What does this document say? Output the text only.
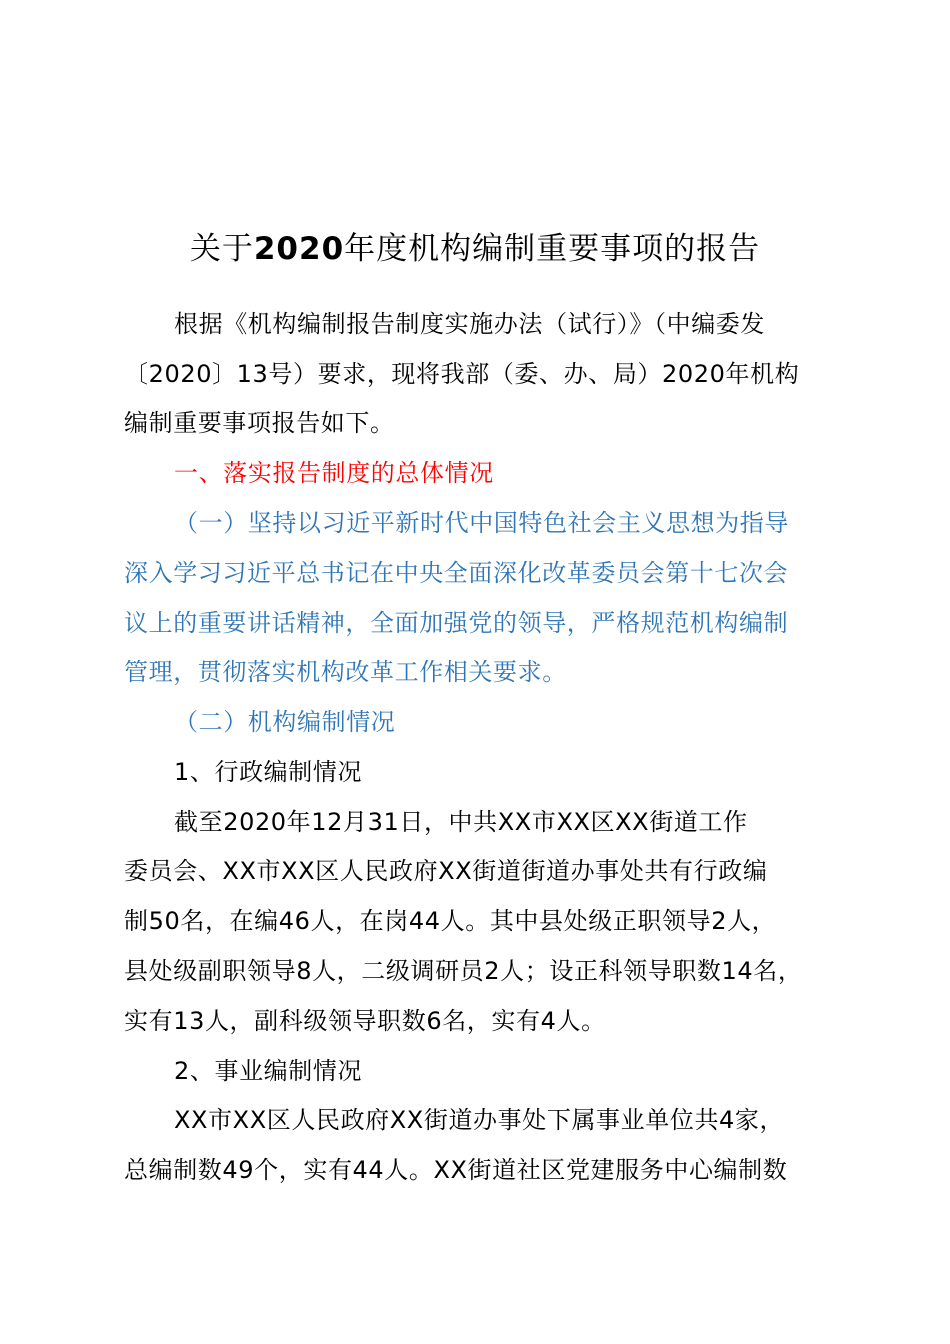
关于2020年度机构编制重要事项的报告
根据《机构编制报告制度实施办法（试行）》（中编委发
〔2020〕13号）要求，现将我部（委、办、局）2020年机构
编制重要事项报告如下。
一、落实报告制度的总体情况
（一）坚持以习近平新时代中国特色社会主义思想为指导
深入学习习近平总书记在中央全面深化改革委员会第十七次会
议上的重要讲话精神，全面加强党的领导，严格规范机构编制
管理，贯彻落实机构改革工作相关要求。
（二）机构编制情况
1、行政编制情况
截至2020年12月31日，中共XX市XX区XX街道工作
委员会、XX市XX区人民政府XX街道街道办事处共有行政编
制50名，在编46人，在岗44人。其中县处级正职领导2人，
县处级副职领导8人，二级调研员2人；设正科领导职数14名，
实有13人，副科级领导职数6名，实有4人。
2、事业编制情况
XX市XX区人民政府XX街道办事处下属事业单位共4家，
总编制数49个，实有44人。XX街道社区党建服务中心编制数
